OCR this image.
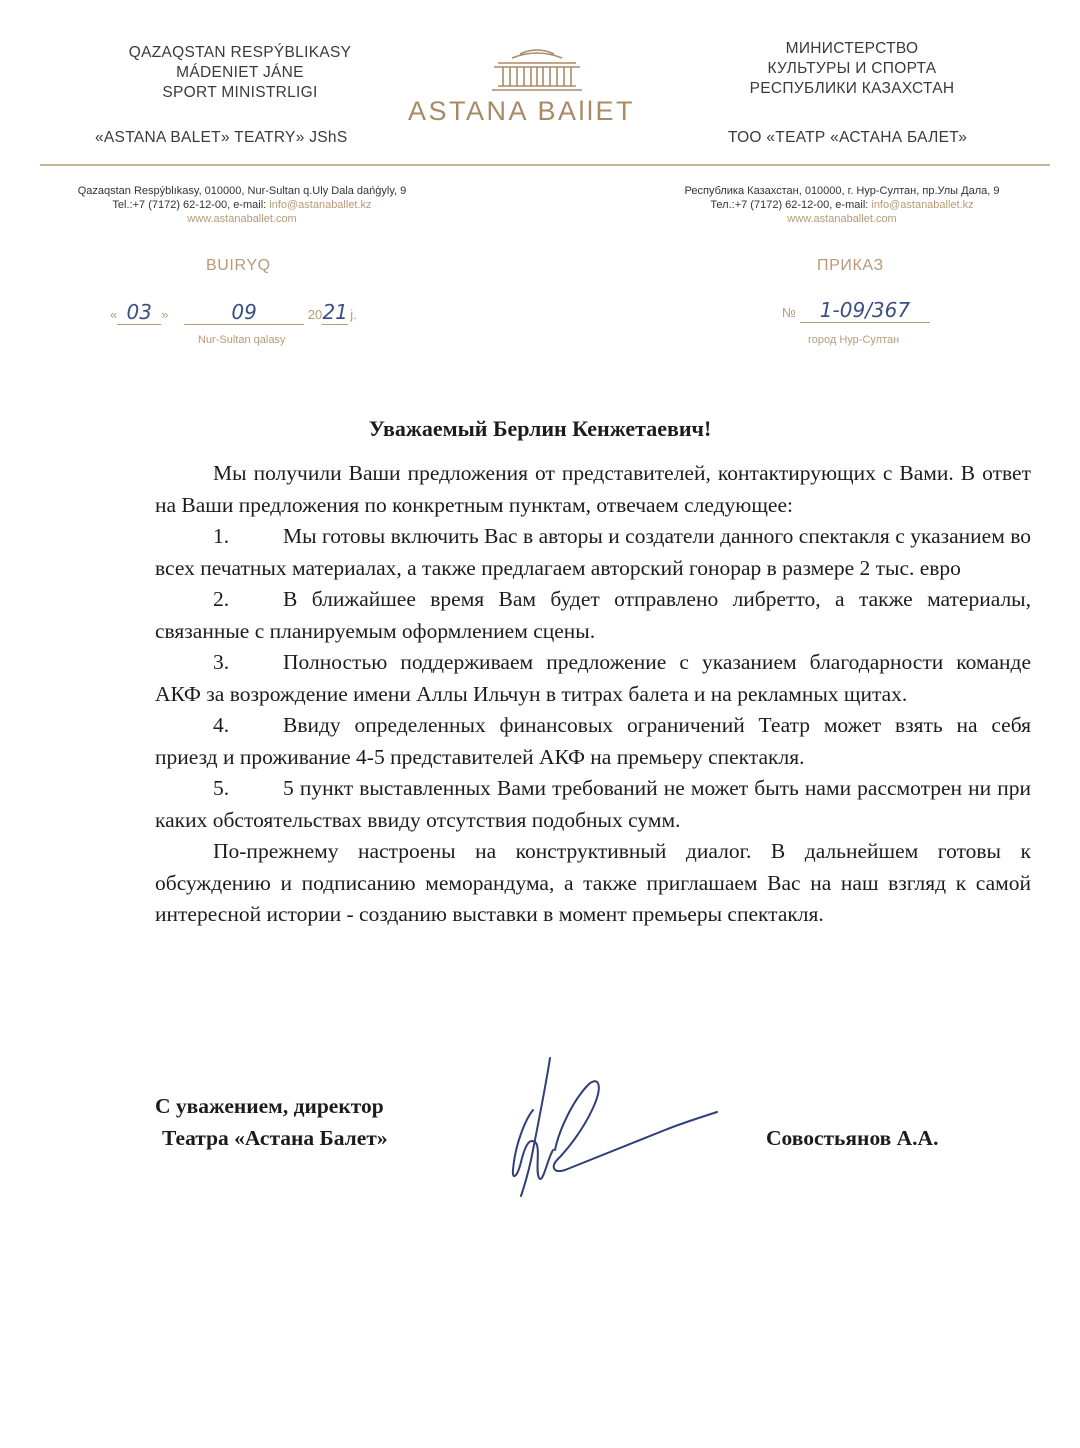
QAZAQSTAN RESPÝBLIKASY
MÁDENIET JÁNE
SPORT MINISTRLIGI
«ASTANA BALET» TEATRY» JShS
ASTANA BAllET
МИНИСТЕРСТВО
КУЛЬТУРЫ И СПОРТА
РЕСПУБЛИКИ КАЗАХСТАН
ТОО «ТЕАТР «АСТАНА БАЛЕТ»
Qazaqstan Respýblıkasy, 010000, Nur-Sultan q.Uly Dala dańģyly, 9
Tel.:+7 (7172) 62-12-00, e-mail: info@astanaballet.kz
www.astanaballet.com
Республика Казахстан, 010000, г. Нур-Султан, пр.Улы Дала, 9
Тел.:+7 (7172) 62-12-00, e-mail: info@astanaballet.kz
www.astanaballet.com
BUIRYQ	ПРИКАЗ
« 03 »	09	2021 j.
Nur-Sultan qalasy
№ 1-09/367
город Нур-Султан
Уважаемый Берлин Кенжетаевич!

Мы получили Ваши предложения от представителей, контактирующих с Вами. В ответ на Ваши предложения по конкретным пунктам, отвечаем следующее:

1.	Мы готовы включить Вас в авторы и создатели данного спектакля с указанием во всех печатных материалах, а также предлагаем авторский гонорар в размере 2 тыс. евро

2.	В ближайшее время Вам будет отправлено либретто, а также материалы, связанные с планируемым оформлением сцены.

3.	Полностью поддерживаем предложение с указанием благодарности команде АКФ за возрождение имени Аллы Ильчун в титрах балета и на рекламных щитах.

4.	Ввиду определенных финансовых ограничений Театр может взять на себя приезд и проживание 4-5 представителей АКФ на премьеру спектакля.

5.	5 пункт выставленных Вами требований не может быть нами рассмотрен ни при каких обстоятельствах ввиду отсутствия подобных сумм.

По-прежнему настроены на конструктивный диалог. В дальнейшем готовы к обсуждению и подписанию меморандума, а также приглашаем Вас на наш взгляд к самой интересной истории - созданию выставки в момент премьеры спектакля.

С уважением, директор
Театра «Астана Балет»	Совостьянов А.А.
